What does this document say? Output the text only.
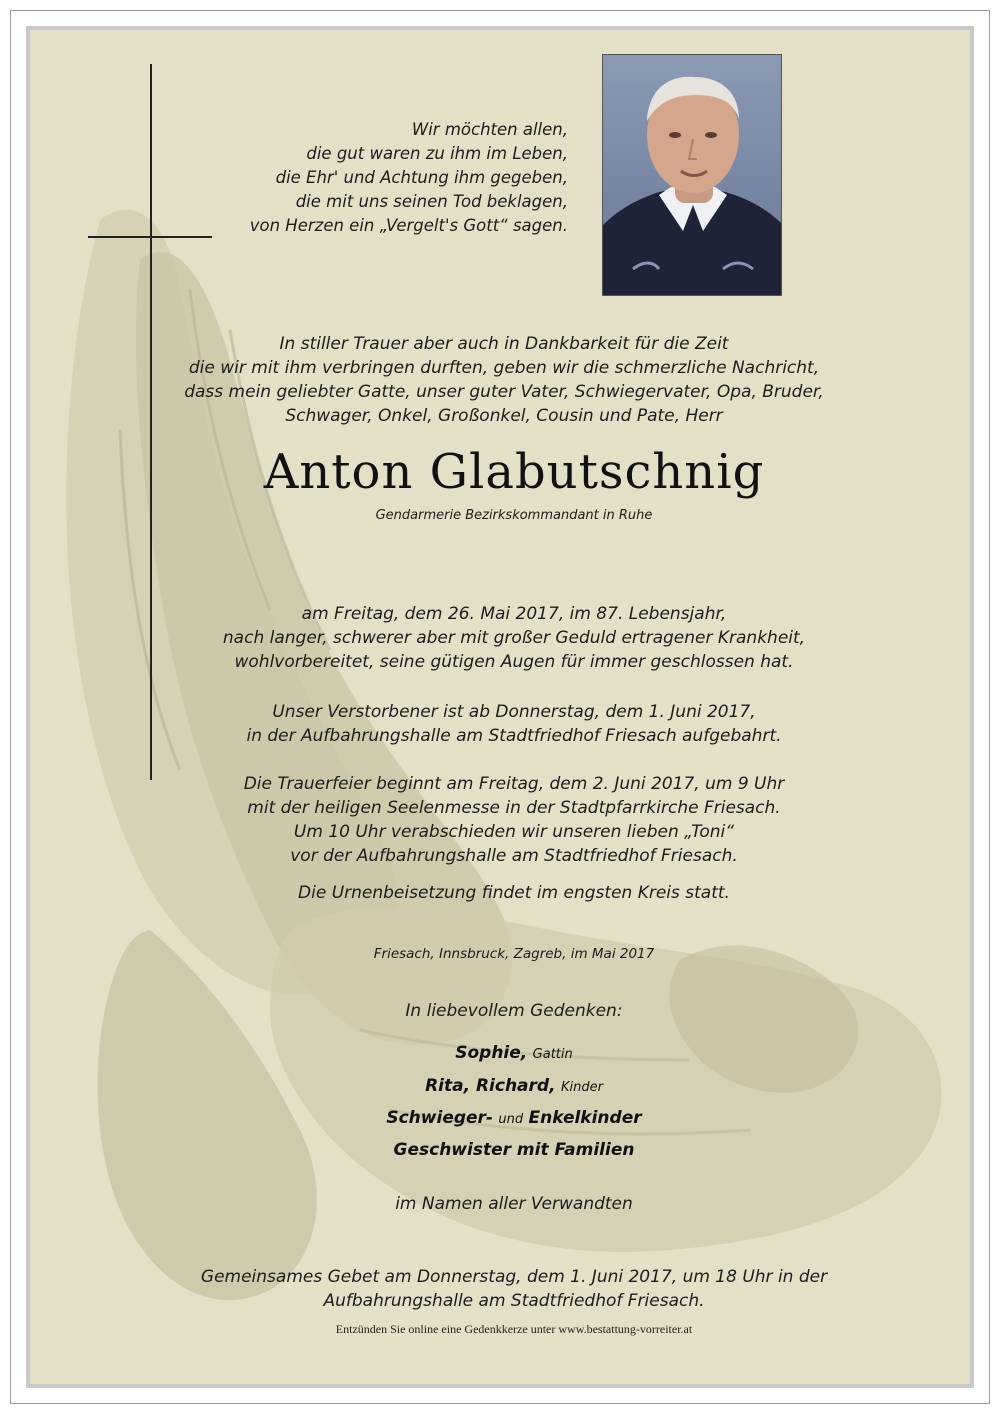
Wir möchten allen,
die gut waren zu ihm im Leben,
die Ehr' und Achtung ihm gegeben,
die mit uns seinen Tod beklagen,
von Herzen ein „Vergelt's Gott“ sagen.
In stiller Trauer aber auch in Dankbarkeit für die Zeit
die wir mit ihm verbringen durften, geben wir die schmerzliche Nachricht,
dass mein geliebter Gatte, unser guter Vater, Schwiegervater, Opa, Bruder,
Schwager, Onkel, Großonkel, Cousin und Pate, Herr
Anton Glabutschnig
Gendarmerie Bezirkskommandant in Ruhe
am Freitag, dem 26. Mai 2017, im 87. Lebensjahr,
nach langer, schwerer aber mit großer Geduld ertragener Krankheit,
wohlvorbereitet, seine gütigen Augen für immer geschlossen hat.
Unser Verstorbener ist ab Donnerstag, dem 1. Juni 2017,
in der Aufbahrungshalle am Stadtfriedhof Friesach aufgebahrt.
Die Trauerfeier beginnt am Freitag, dem 2. Juni 2017, um 9 Uhr
mit der heiligen Seelenmesse in der Stadtpfarrkirche Friesach.
Um 10 Uhr verabschieden wir unseren lieben „Toni“
vor der Aufbahrungshalle am Stadtfriedhof Friesach.
Die Urnenbeisetzung findet im engsten Kreis statt.
Friesach, Innsbruck, Zagreb, im Mai 2017
In liebevollem Gedenken:
Sophie, Gattin
Rita, Richard, Kinder
Schwieger- und Enkelkinder
Geschwister mit Familien
im Namen aller Verwandten
Gemeinsames Gebet am Donnerstag, dem 1. Juni 2017, um 18 Uhr in der
Aufbahrungshalle am Stadtfriedhof Friesach.
Entzünden Sie online eine Gedenkkerze unter www.bestattung-vorreiter.at
